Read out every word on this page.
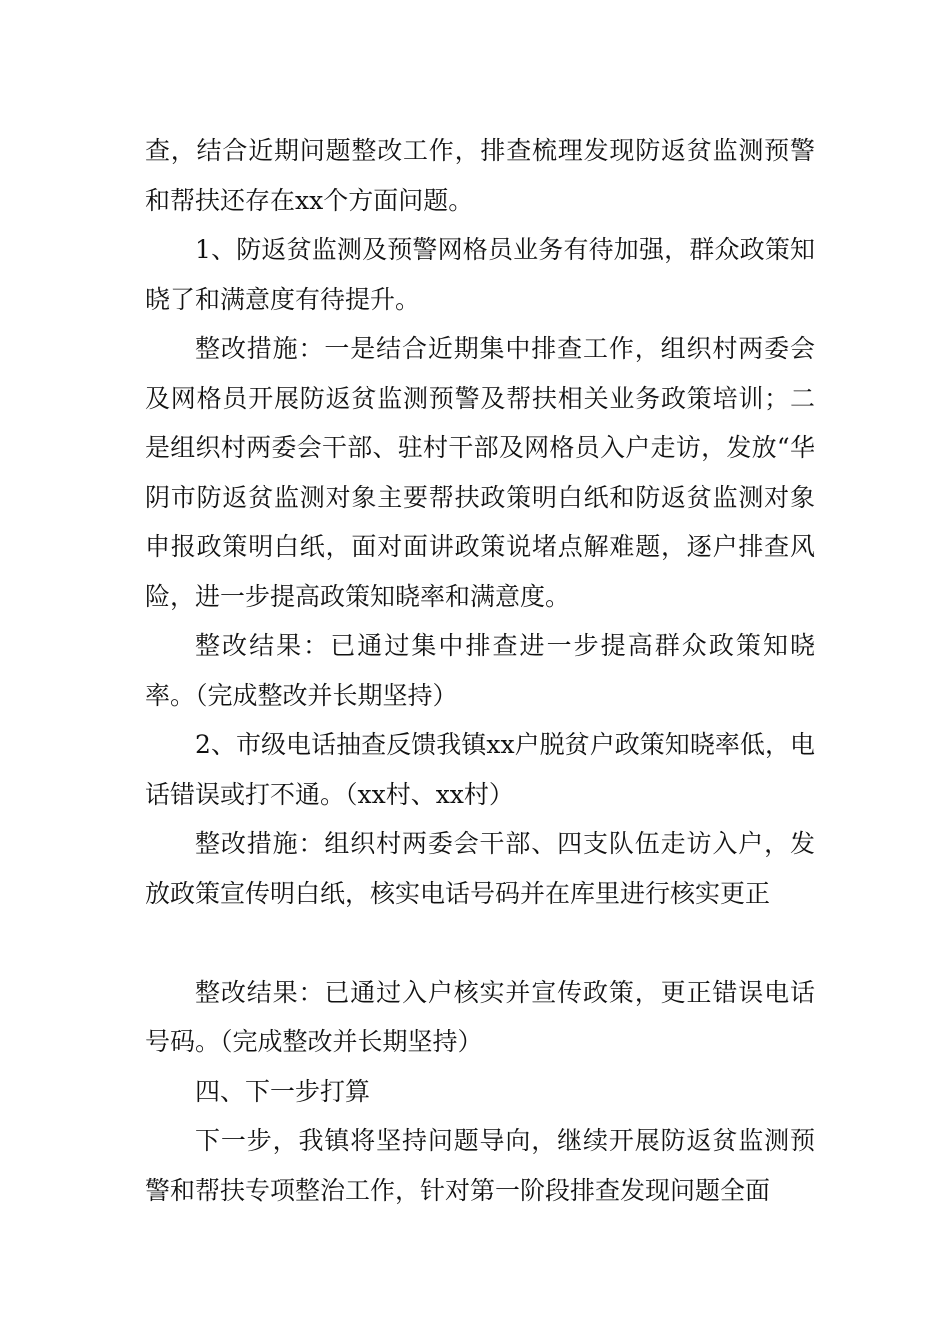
查，结合近期问题整改工作，排查梳理发现防返贫监测预警和帮扶还存在xx个方面问题。

1、防返贫监测及预警网格员业务有待加强，群众政策知晓了和满意度有待提升。

整改措施：一是结合近期集中排查工作，组织村两委会及网格员开展防返贫监测预警及帮扶相关业务政策培训；二是组织村两委会干部、驻村干部及网格员入户走访，发放“华阴市防返贫监测对象主要帮扶政策明白纸和防返贫监测对象申报政策明白纸，面对面讲政策说堵点解难题，逐户排查风险，进一步提高政策知晓率和满意度。

整改结果：已通过集中排查进一步提高群众政策知晓率。（完成整改并长期坚持）

2、市级电话抽查反馈我镇xx户脱贫户政策知晓率低，电话错误或打不通。（xx村、xx村）

整改措施：组织村两委会干部、四支队伍走访入户，发放政策宣传明白纸，核实电话号码并在库里进行核实更正

整改结果：已通过入户核实并宣传政策，更正错误电话号码。（完成整改并长期坚持）

四、下一步打算

下一步，我镇将坚持问题导向，继续开展防返贫监测预警和帮扶专项整治工作，针对第一阶段排查发现问题全面
